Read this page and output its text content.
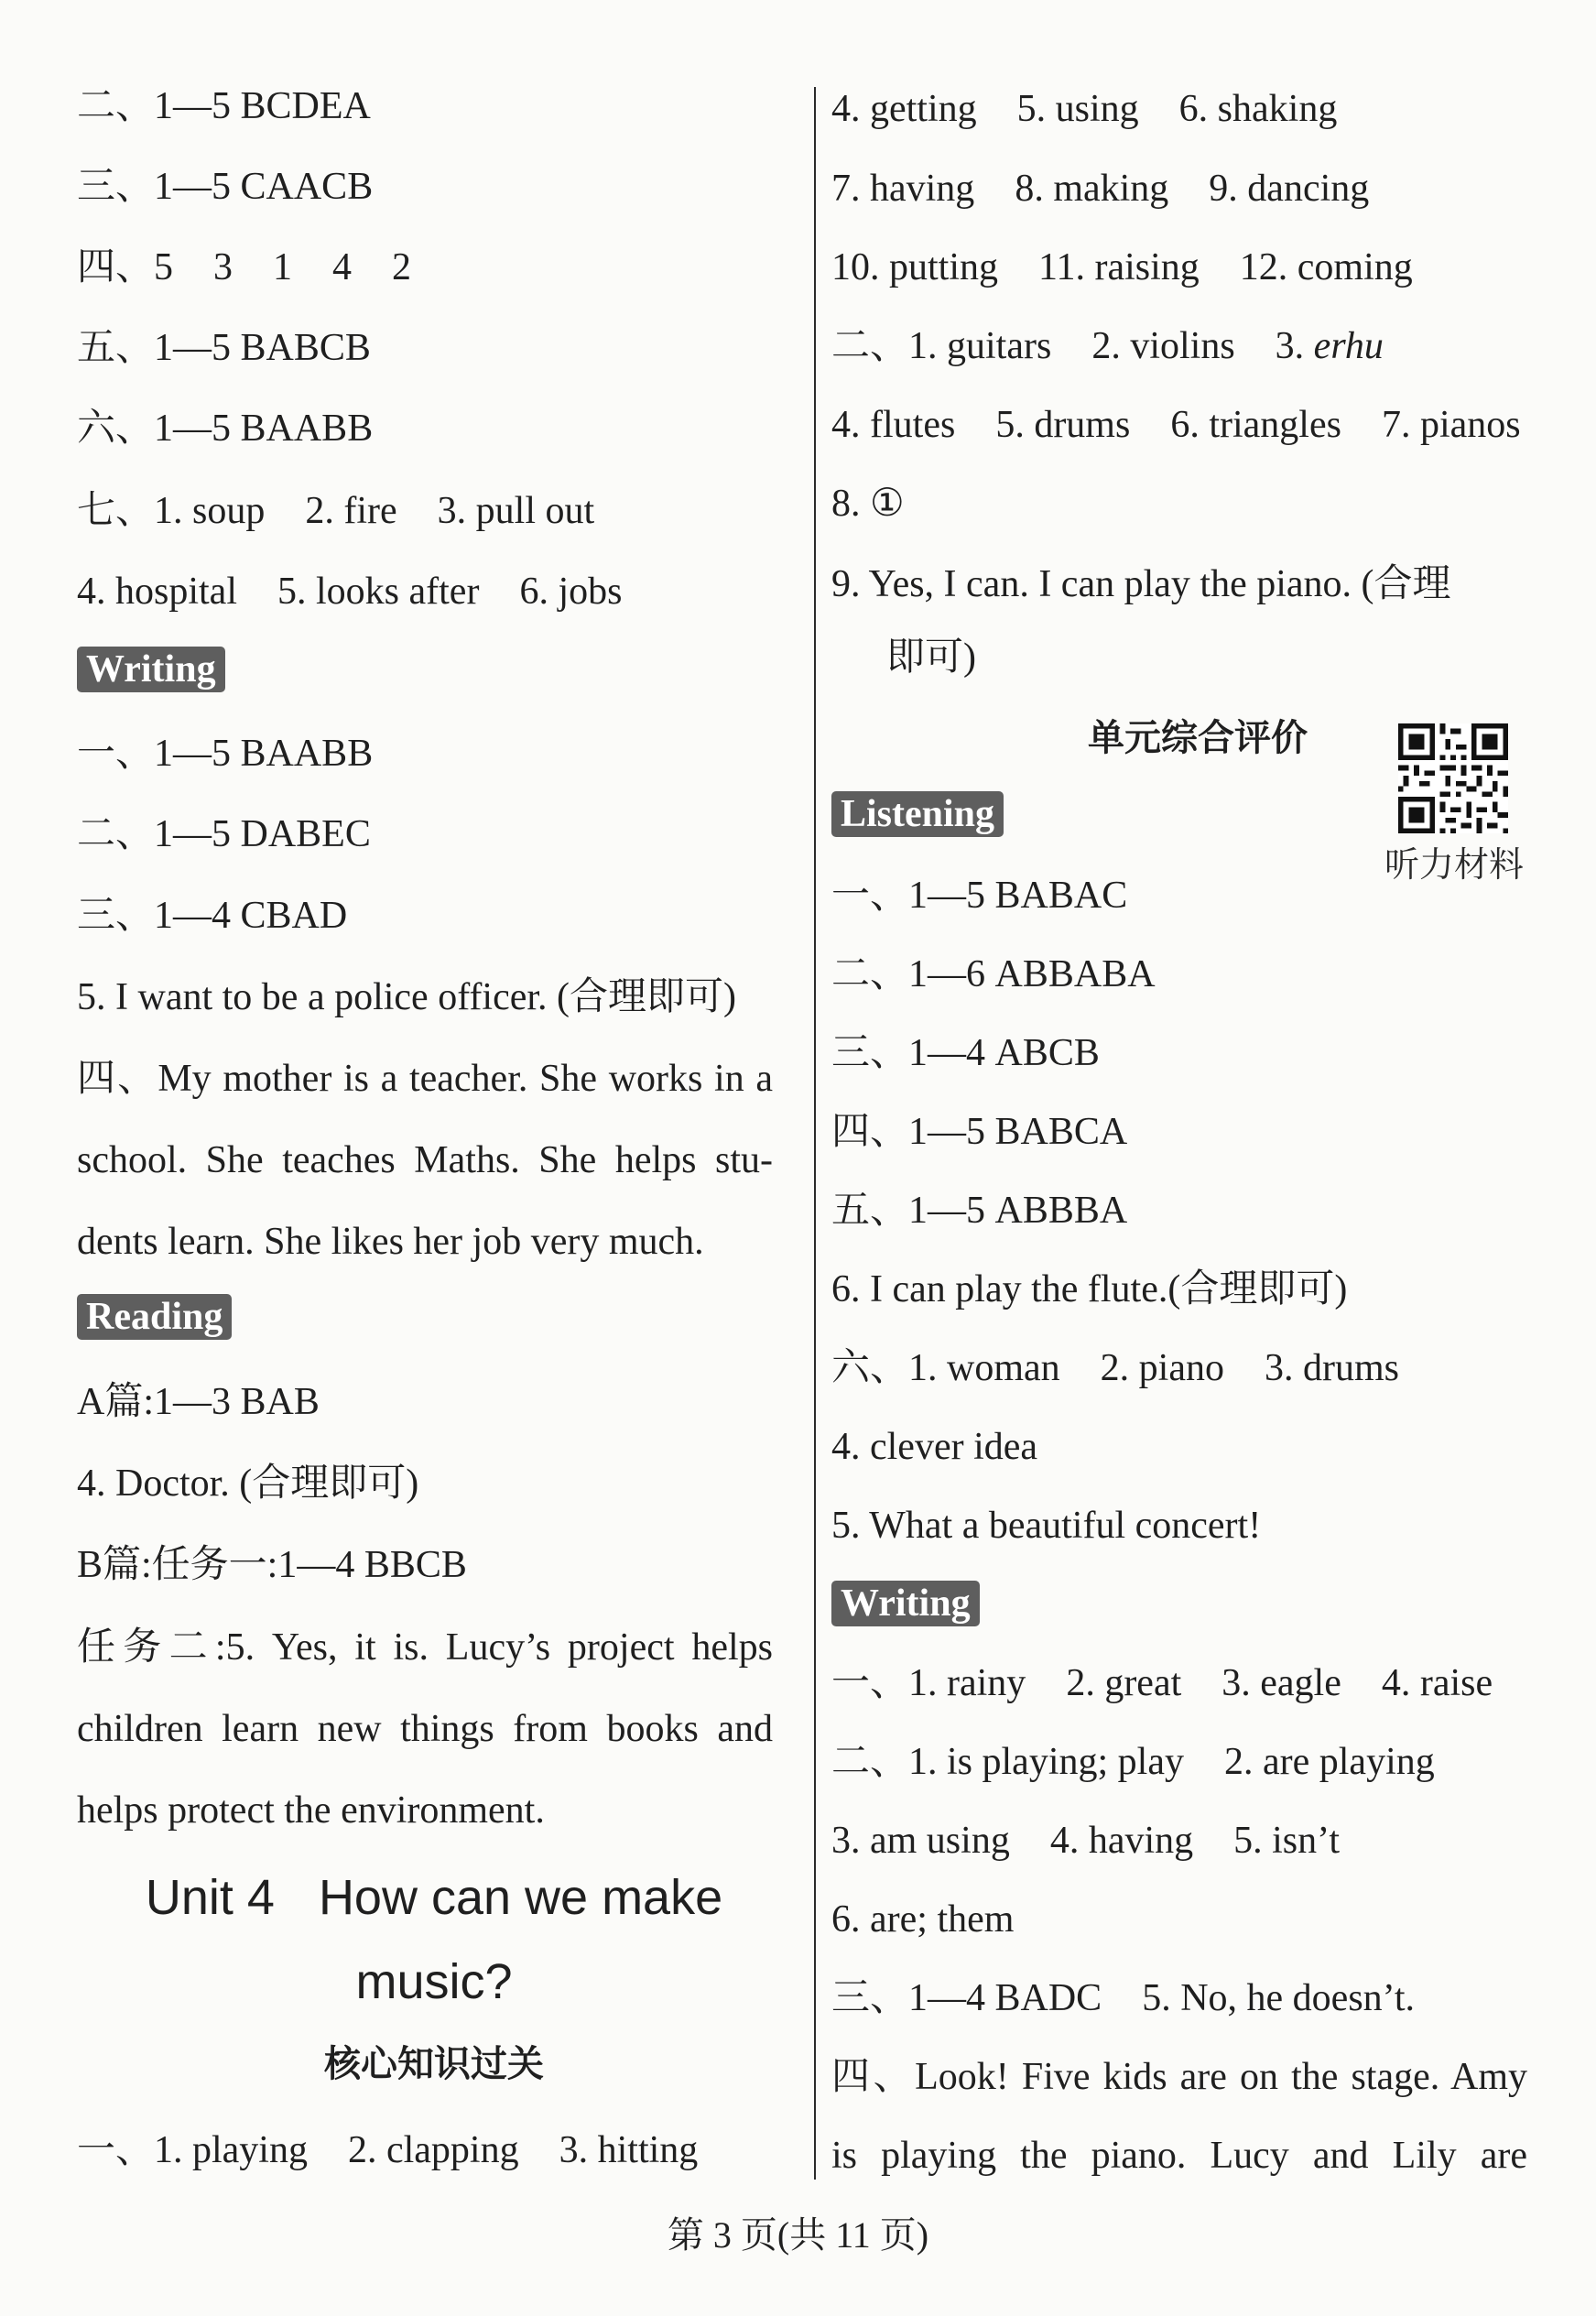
二、1—5 BCDEA
三、1—5 CAACB
四、5 3 1 4 2
五、1—5 BABCB
六、1—5 BAABB
七、1. soup 2. fire 3. pull out
4. hospital 5. looks after 6. jobs
Writing
一、1—5 BAABB
二、1—5 DABEC
三、1—4 CBAD
5. I want to be a police officer. (合理即可)
四、My mother is a teacher. She works in a
school. She teaches Maths. She helps stu-
dents learn. She likes her job very much.
Reading
A篇:1—3 BAB
4. Doctor. (合理即可)
B篇:任务一:1—4 BBCB
任务二:5. Yes, it is. Lucy’s project helps
children learn new things from books and
helps protect the environment.
Unit 4 How can we make
music?
核心知识过关
一、1. playing 2. clapping 3. hitting
4. getting 5. using 6. shaking
7. having 8. making 9. dancing
10. putting 11. raising 12. coming
二、1. guitars 2. violins 3. erhu
4. flutes 5. drums 6. triangles 7. pianos
8. ①
9. Yes, I can. I can play the piano. (合理
即可)
单元综合评价
Listening
一、1—5 BABAC
二、1—6 ABBABA
三、1—4 ABCB
四、1—5 BABCA
五、1—5 ABBBA
6. I can play the flute.(合理即可)
六、1. woman 2. piano 3. drums
4. clever idea
5. What a beautiful concert!
Writing
一、1. rainy 2. great 3. eagle 4. raise
二、1. is playing; play 2. are playing
3. am using 4. having 5. isn’t
6. are; them
三、1—4 BADC 5. No, he doesn’t.
四、Look! Five kids are on the stage. Amy
is playing the piano. Lucy and Lily are
听力材料
第 3 页(共 11 页)
